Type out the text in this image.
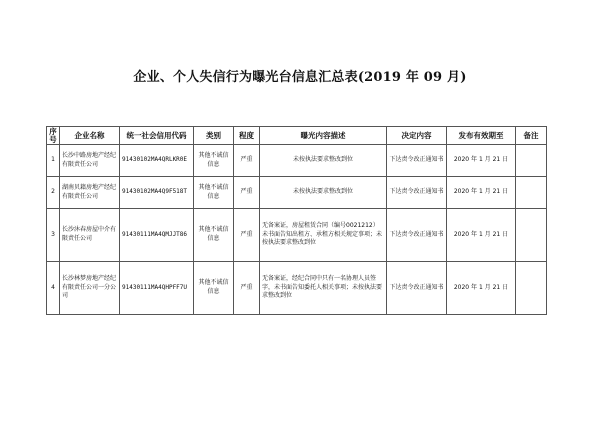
企业、个人失信行为曝光台信息汇总表(2019 年 09 月)
序号	企业名称	统一社会信用代码	类别	程度	曝光内容描述	决定内容	发布有效期至	备注
1	长沙中路房地产经纪有限责任公司	91430102MA4QRLKR0E	其他不诚信信息	严重	未按执法要求整改到位	下达责令改正通知书	2020 年 1 月 21 日	
2	湖南贝籍房地产经纪有限责任公司	91430102MA4Q9F518T	其他不诚信信息	严重	未按执法要求整改到位	下达责令改正通知书	2020 年 1 月 21 日	
3	长沙沐春房屋中介有限责任公司	91430111MA4QMJJT86	其他不诚信信息	严重	无备案证，房屋租赁合同（编号0021212）未书面告知出租方、承租方相关规定事项；未按执法要求整改到位	下达责令改正通知书	2020 年 1 月 21 日	
4	长沙林梦房地产经纪有限责任公司一分公司	91430111MA4QHPFF7U	其他不诚信信息	严重	无备案证，经纪合同中只有一名协理人员签字，未书面告知委托人相关事项；未按执法要求整改到位	下达责令改正通知书	2020 年 1 月 21 日	
